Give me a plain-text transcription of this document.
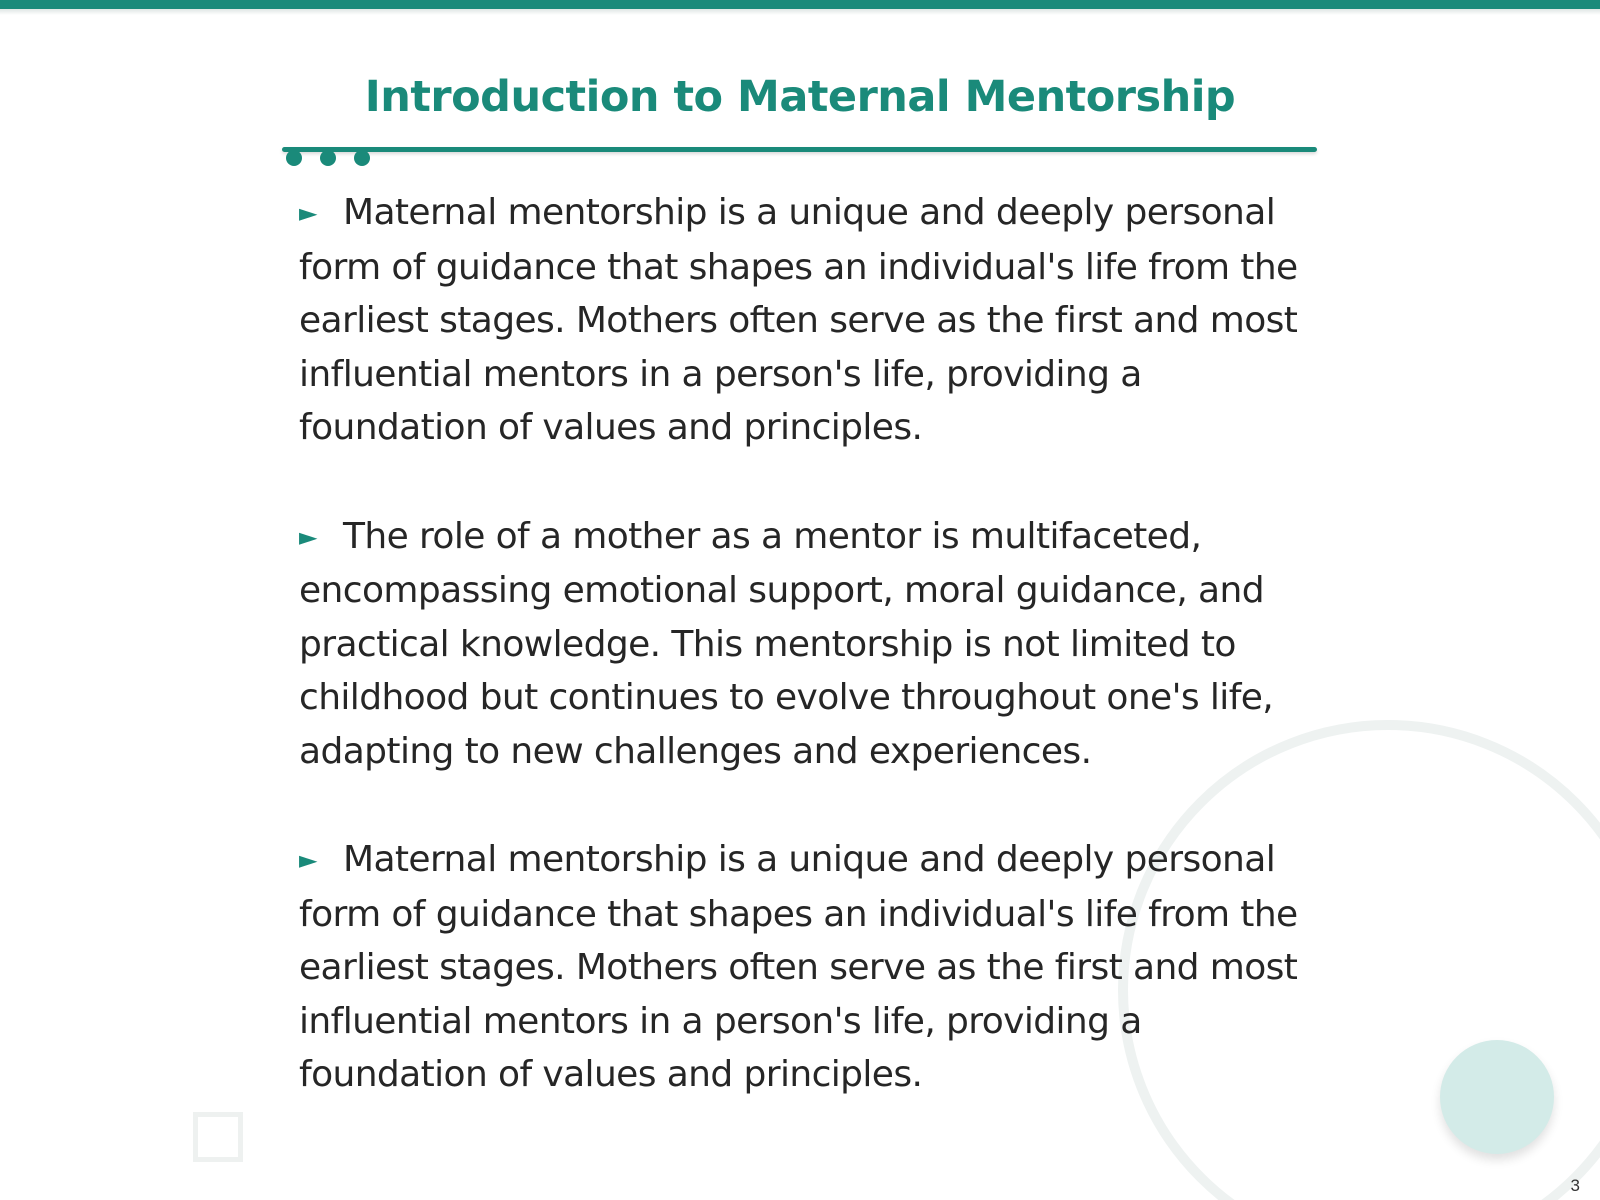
Introduction to Maternal Mentorship

► Maternal mentorship is a unique and deeply personal form of guidance that shapes an individual's life from the earliest stages. Mothers often serve as the first and most influential mentors in a person's life, providing a foundation of values and principles.

► The role of a mother as a mentor is multifaceted, encompassing emotional support, moral guidance, and practical knowledge. This mentorship is not limited to childhood but continues to evolve throughout one's life, adapting to new challenges and experiences.

► Maternal mentorship is a unique and deeply personal form of guidance that shapes an individual's life from the earliest stages. Mothers often serve as the first and most influential mentors in a person's life, providing a foundation of values and principles.

3
